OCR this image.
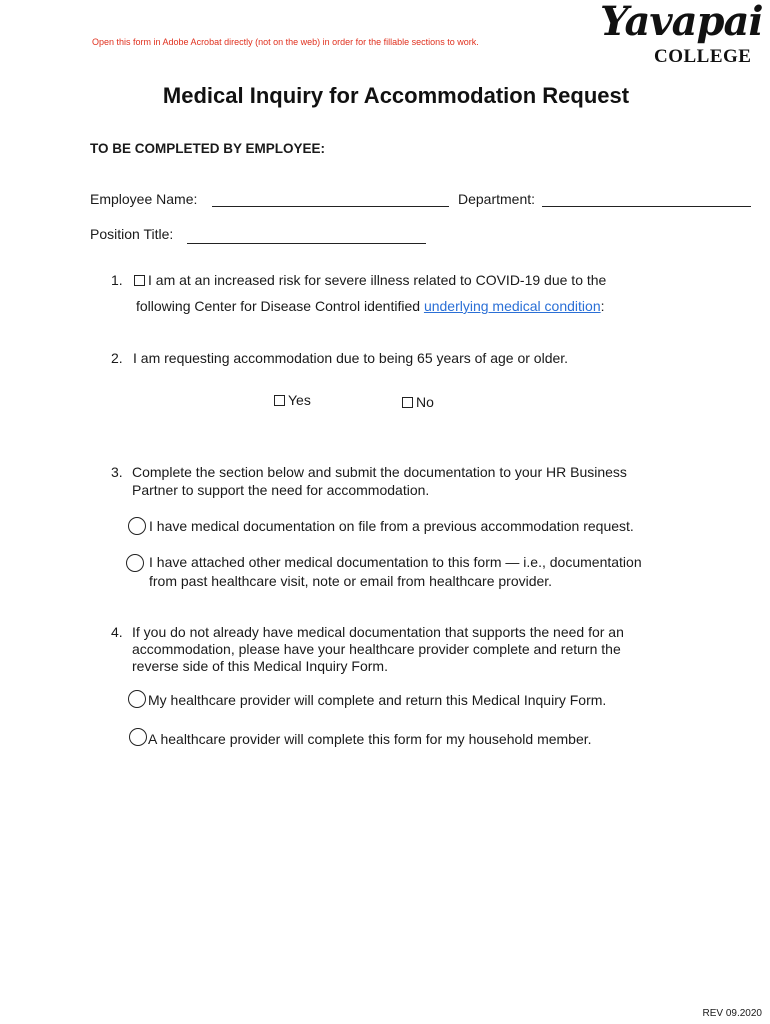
Open this form in Adobe Acrobat directly (not on the web) in order for the fillable sections to work.	Yavapai
COLLEGE
Medical Inquiry for Accommodation Request
TO BE COMPLETED BY EMPLOYEE:
Employee Name:	Department:
Position Title:
1.	I am at an increased risk for severe illness related to COVID-19 due to the
following Center for Disease Control identified underlying medical condition:
2. I am requesting accommodation due to being 65 years of age or older.
Yes	No
3. Complete the section below and submit the documentation to your HR Business
Partner to support the need for accommodation.
I have medical documentation on file from a previous accommodation request.
I have attached other medical documentation to this form — i.e., documentation
from past healthcare visit, note or email from healthcare provider.
4. If you do not already have medical documentation that supports the need for an
accommodation, please have your healthcare provider complete and return the
reverse side of this Medical Inquiry Form.
My healthcare provider will complete and return this Medical Inquiry Form.
A healthcare provider will complete this form for my household member.
REV 09.2020
